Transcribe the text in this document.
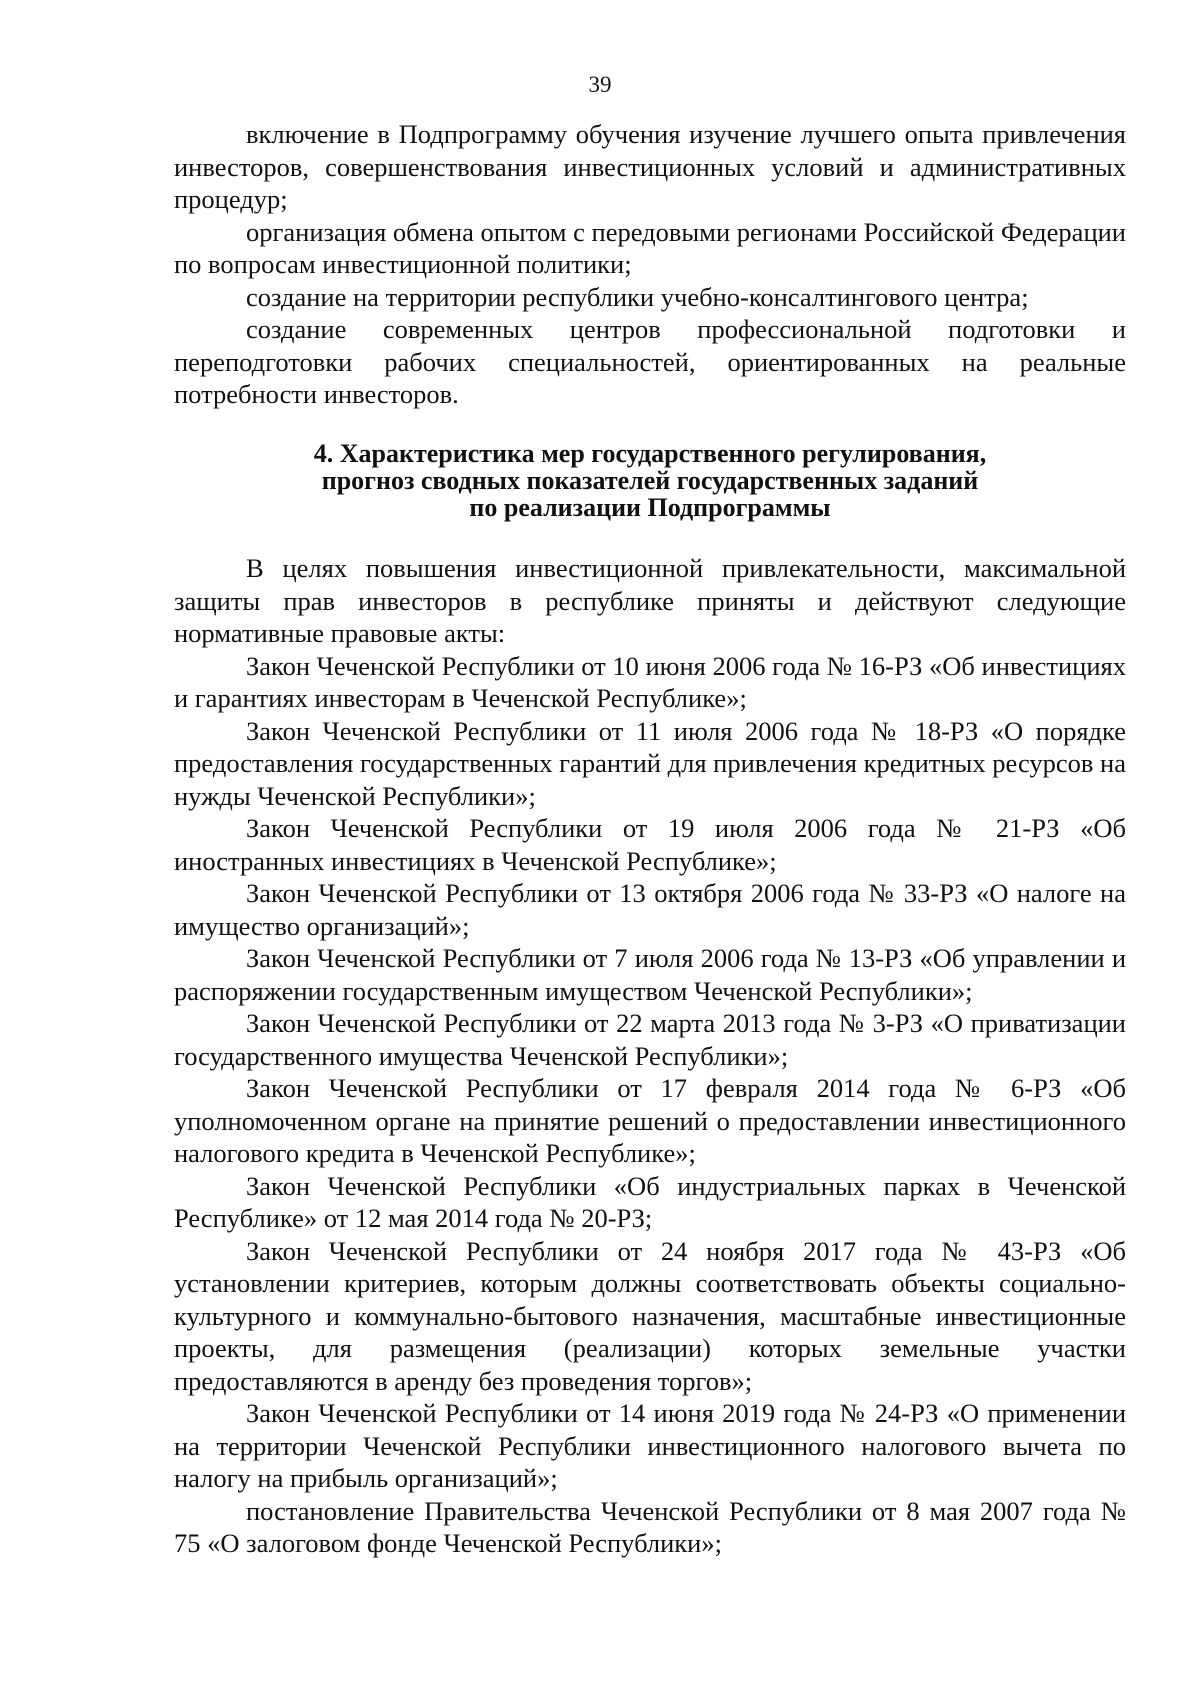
39

включение в Подпрограмму обучения изучение лучшего опыта привлечения инвесторов, совершенствования инвестиционных условий и административных процедур;

организация обмена опытом с передовыми регионами Российской Федерации по вопросам инвестиционной политики;

создание на территории республики учебно-консалтингового центра;

создание современных центров профессиональной подготовки и переподготовки рабочих специальностей, ориентированных на реальные потребности инвесторов.

4. Характеристика мер государственного регулирования,
прогноз сводных показателей государственных заданий
по реализации Подпрограммы

В целях повышения инвестиционной привлекательности, максимальной защиты прав инвесторов в республике приняты и действуют следующие нормативные правовые акты:

Закон Чеченской Республики от 10 июня 2006 года № 16-РЗ «Об инвестициях и гарантиях инвесторам в Чеченской Республике»;

Закон Чеченской Республики от 11 июля 2006 года № 18-РЗ «О порядке предоставления государственных гарантий для привлечения кредитных ресурсов на нужды Чеченской Республики»;

Закон Чеченской Республики от 19 июля 2006 года № 21-РЗ «Об иностранных инвестициях в Чеченской Республике»;

Закон Чеченской Республики от 13 октября 2006 года № 33-РЗ «О налоге на имущество организаций»;

Закон Чеченской Республики от 7 июля 2006 года № 13-РЗ «Об управлении и распоряжении государственным имуществом Чеченской Республики»;

Закон Чеченской Республики от 22 марта 2013 года № 3-РЗ «О приватизации государственного имущества Чеченской Республики»;

Закон Чеченской Республики от 17 февраля 2014 года № 6-РЗ «Об уполномоченном органе на принятие решений о предоставлении инвестиционного налогового кредита в Чеченской Республике»;

Закон Чеченской Республики «Об индустриальных парках в Чеченской Республике» от 12 мая 2014 года № 20-РЗ;

Закон Чеченской Республики от 24 ноября 2017 года № 43-РЗ «Об установлении критериев, которым должны соответствовать объекты социально-культурного и коммунально-бытового назначения, масштабные инвестиционные проекты, для размещения (реализации) которых земельные участки предоставляются в аренду без проведения торгов»;

Закон Чеченской Республики от 14 июня 2019 года № 24-РЗ «О применении на территории Чеченской Республики инвестиционного налогового вычета по налогу на прибыль организаций»;

постановление Правительства Чеченской Республики от 8 мая 2007 года № 75 «О залоговом фонде Чеченской Республики»;
